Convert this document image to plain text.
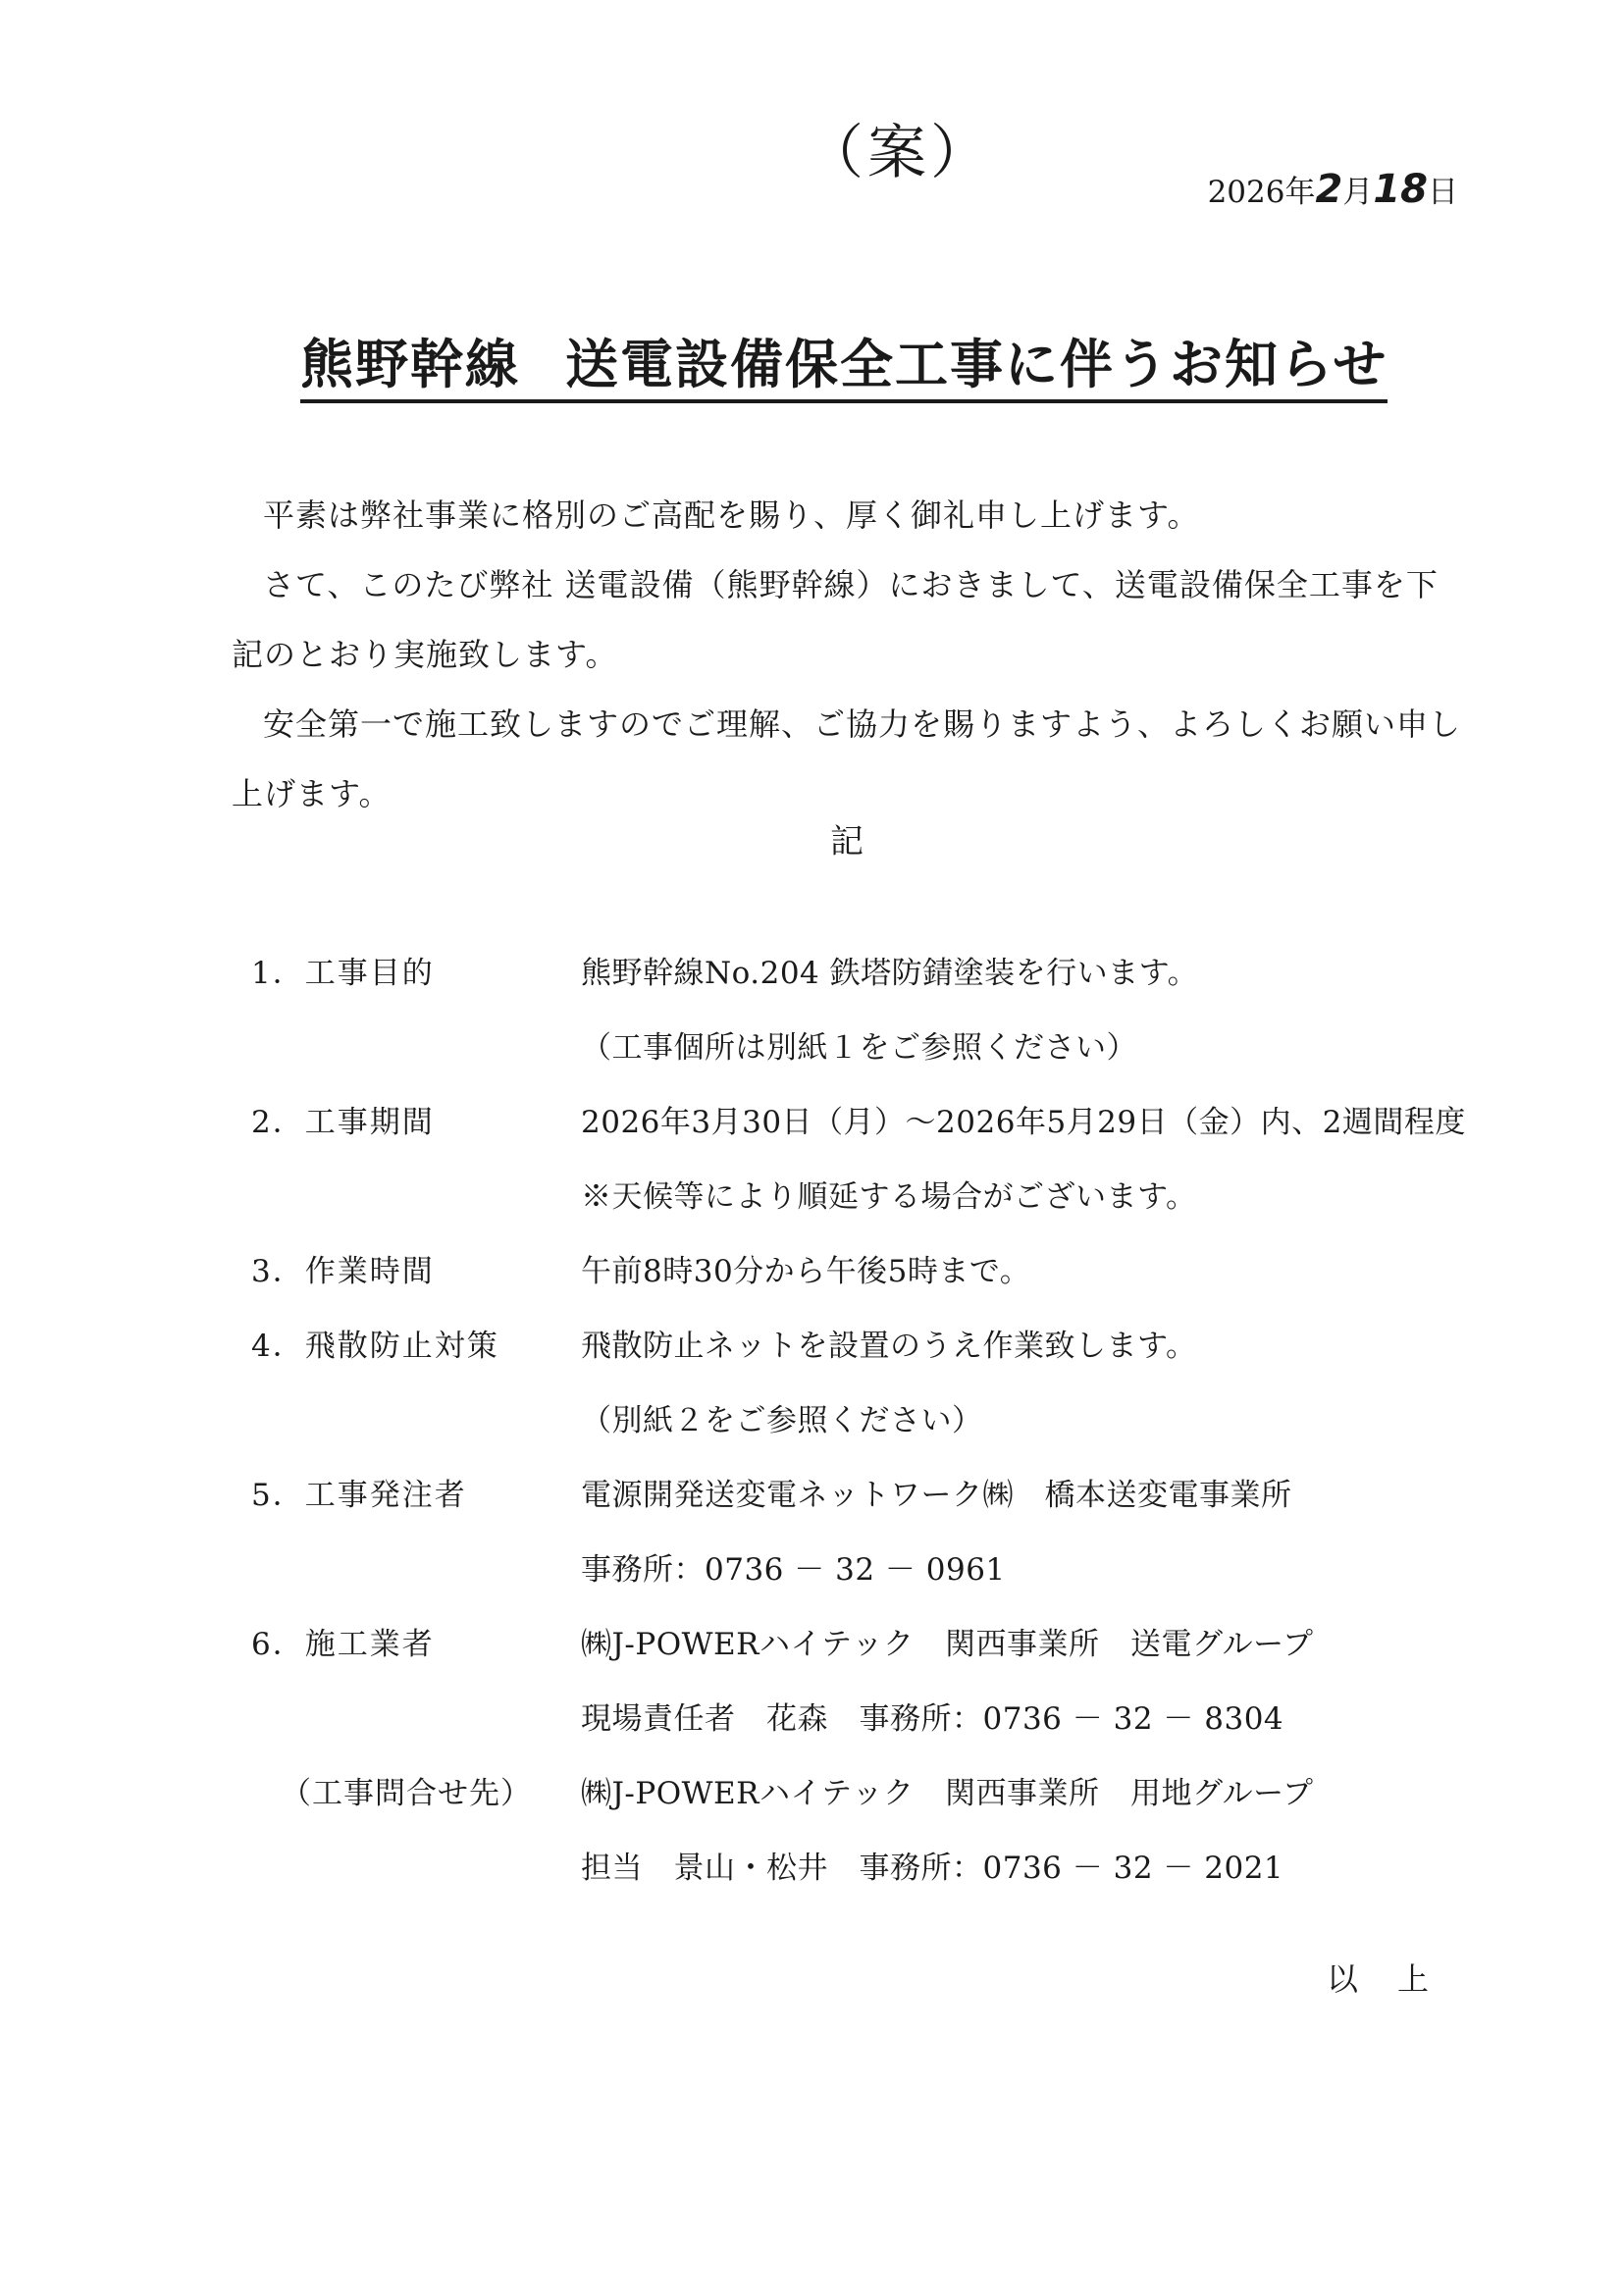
（案）
2026年2月18日
熊野幹線 送電設備保全工事に伴うお知らせ

平素は弊社事業に格別のご高配を賜り、厚く御礼申し上げます。

さて、このたび弊社 送電設備（熊野幹線）におきまして、送電設備保全工事を下記のとおり実施致します。

安全第一で施工致しますのでご理解、ご協力を賜りますよう、よろしくお願い申し上げます。

記
1．工事目的	熊野幹線No.204 鉄塔防錆塗装を行います。
（工事個所は別紙１をご参照ください）
2．工事期間	2026年3月30日（月）～2026年5月29日（金）内、2週間程度
※天候等により順延する場合がございます。
3．作業時間	午前8時30分から午後5時まで。
4．飛散防止対策	飛散防止ネットを設置のうえ作業致します。
（別紙２をご参照ください）
5．工事発注者	電源開発送変電ネットワーク㈱　橋本送変電事業所
事務所：0736 － 32 － 0961
6．施工業者	㈱J-POWERハイテック　関西事業所　送電グループ
現場責任者　花森　事務所：0736 － 32 － 8304
（工事問合せ先）	㈱J-POWERハイテック　関西事業所　用地グループ
担当　景山・松井　事務所：0736 － 32 － 2021
以上
